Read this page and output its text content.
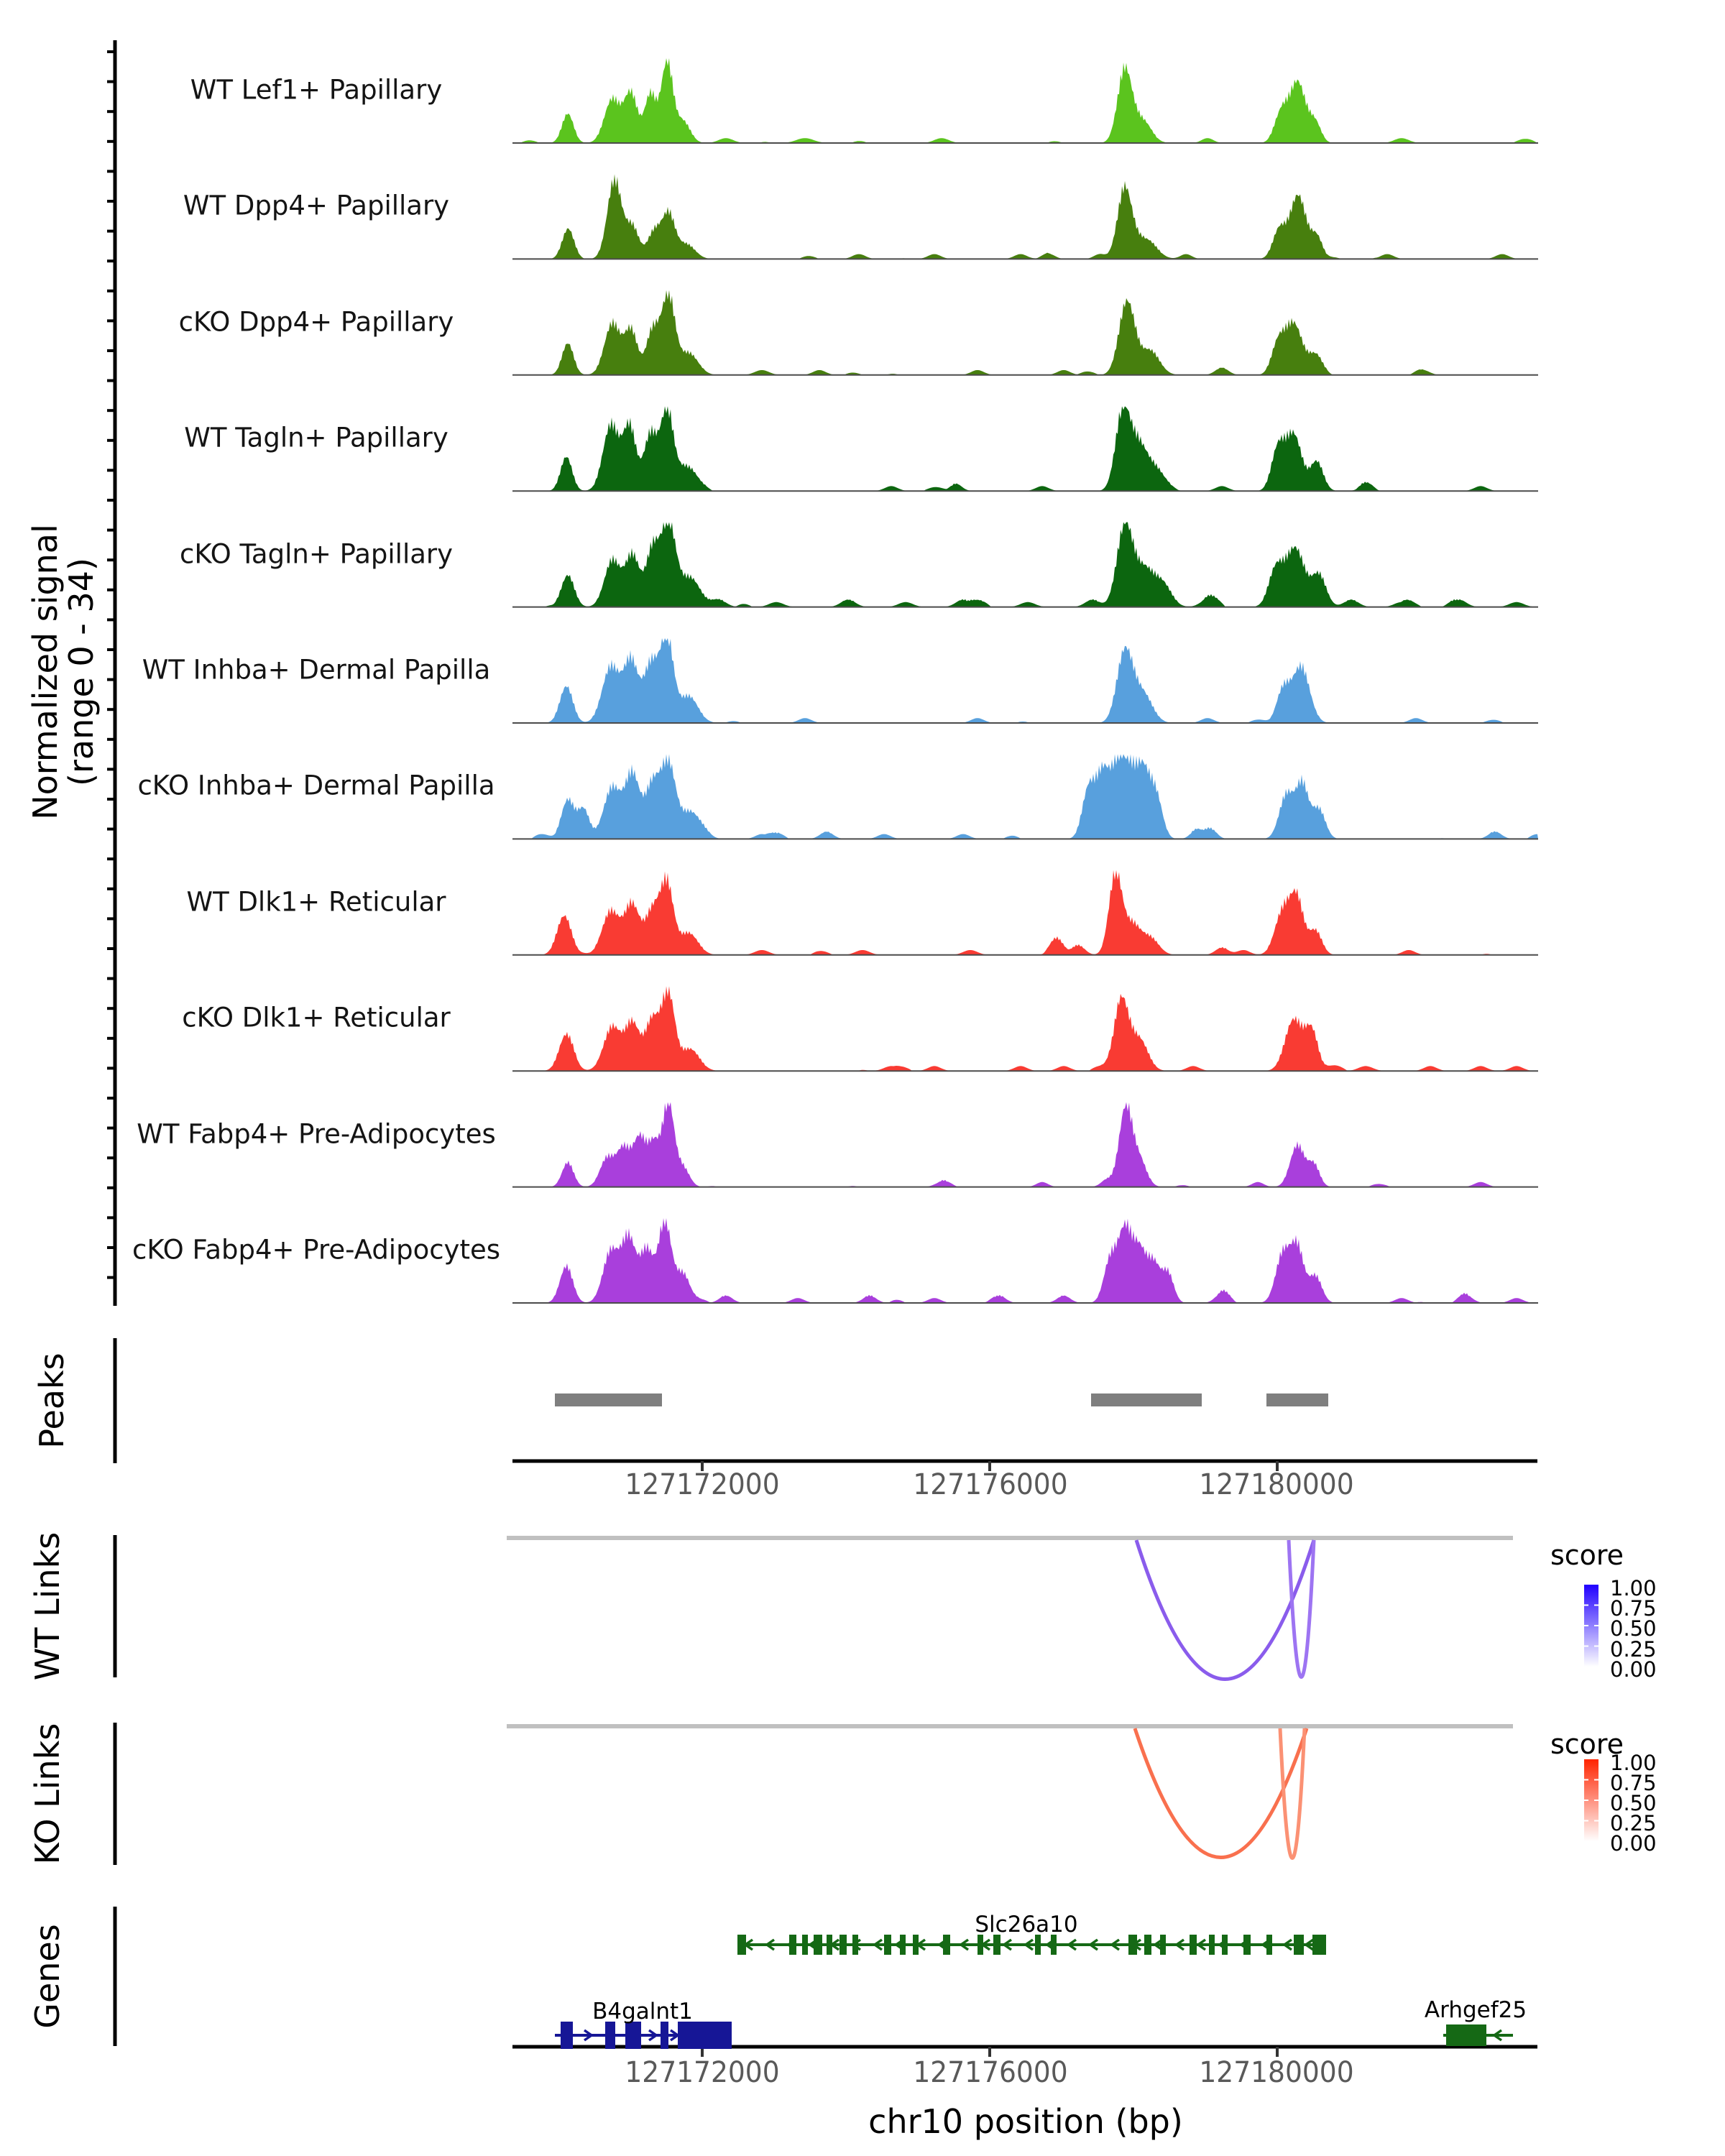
Normalized signal
(range 0 - 34)
WT Lef1+ Papillary
WT Dpp4+ Papillary
cKO Dpp4+ Papillary
WT Tagln+ Papillary
cKO Tagln+ Papillary
WT Inhba+ Dermal Papilla
cKO Inhba+ Dermal Papilla
WT Dlk1+ Reticular
cKO Dlk1+ Reticular
WT Fabp4+ Pre-Adipocytes
cKO Fabp4+ Pre-Adipocytes
Peaks
127172000	127176000	127180000
WT Links	score
1.00
0.75
0.50
0.25
0.00
KO Links	score
1.00
0.75
0.50
0.25
0.00
Genes	Slc26a10
B4galnt1	Arhgef25
127172000	127176000	127180000
chr10 position (bp)
